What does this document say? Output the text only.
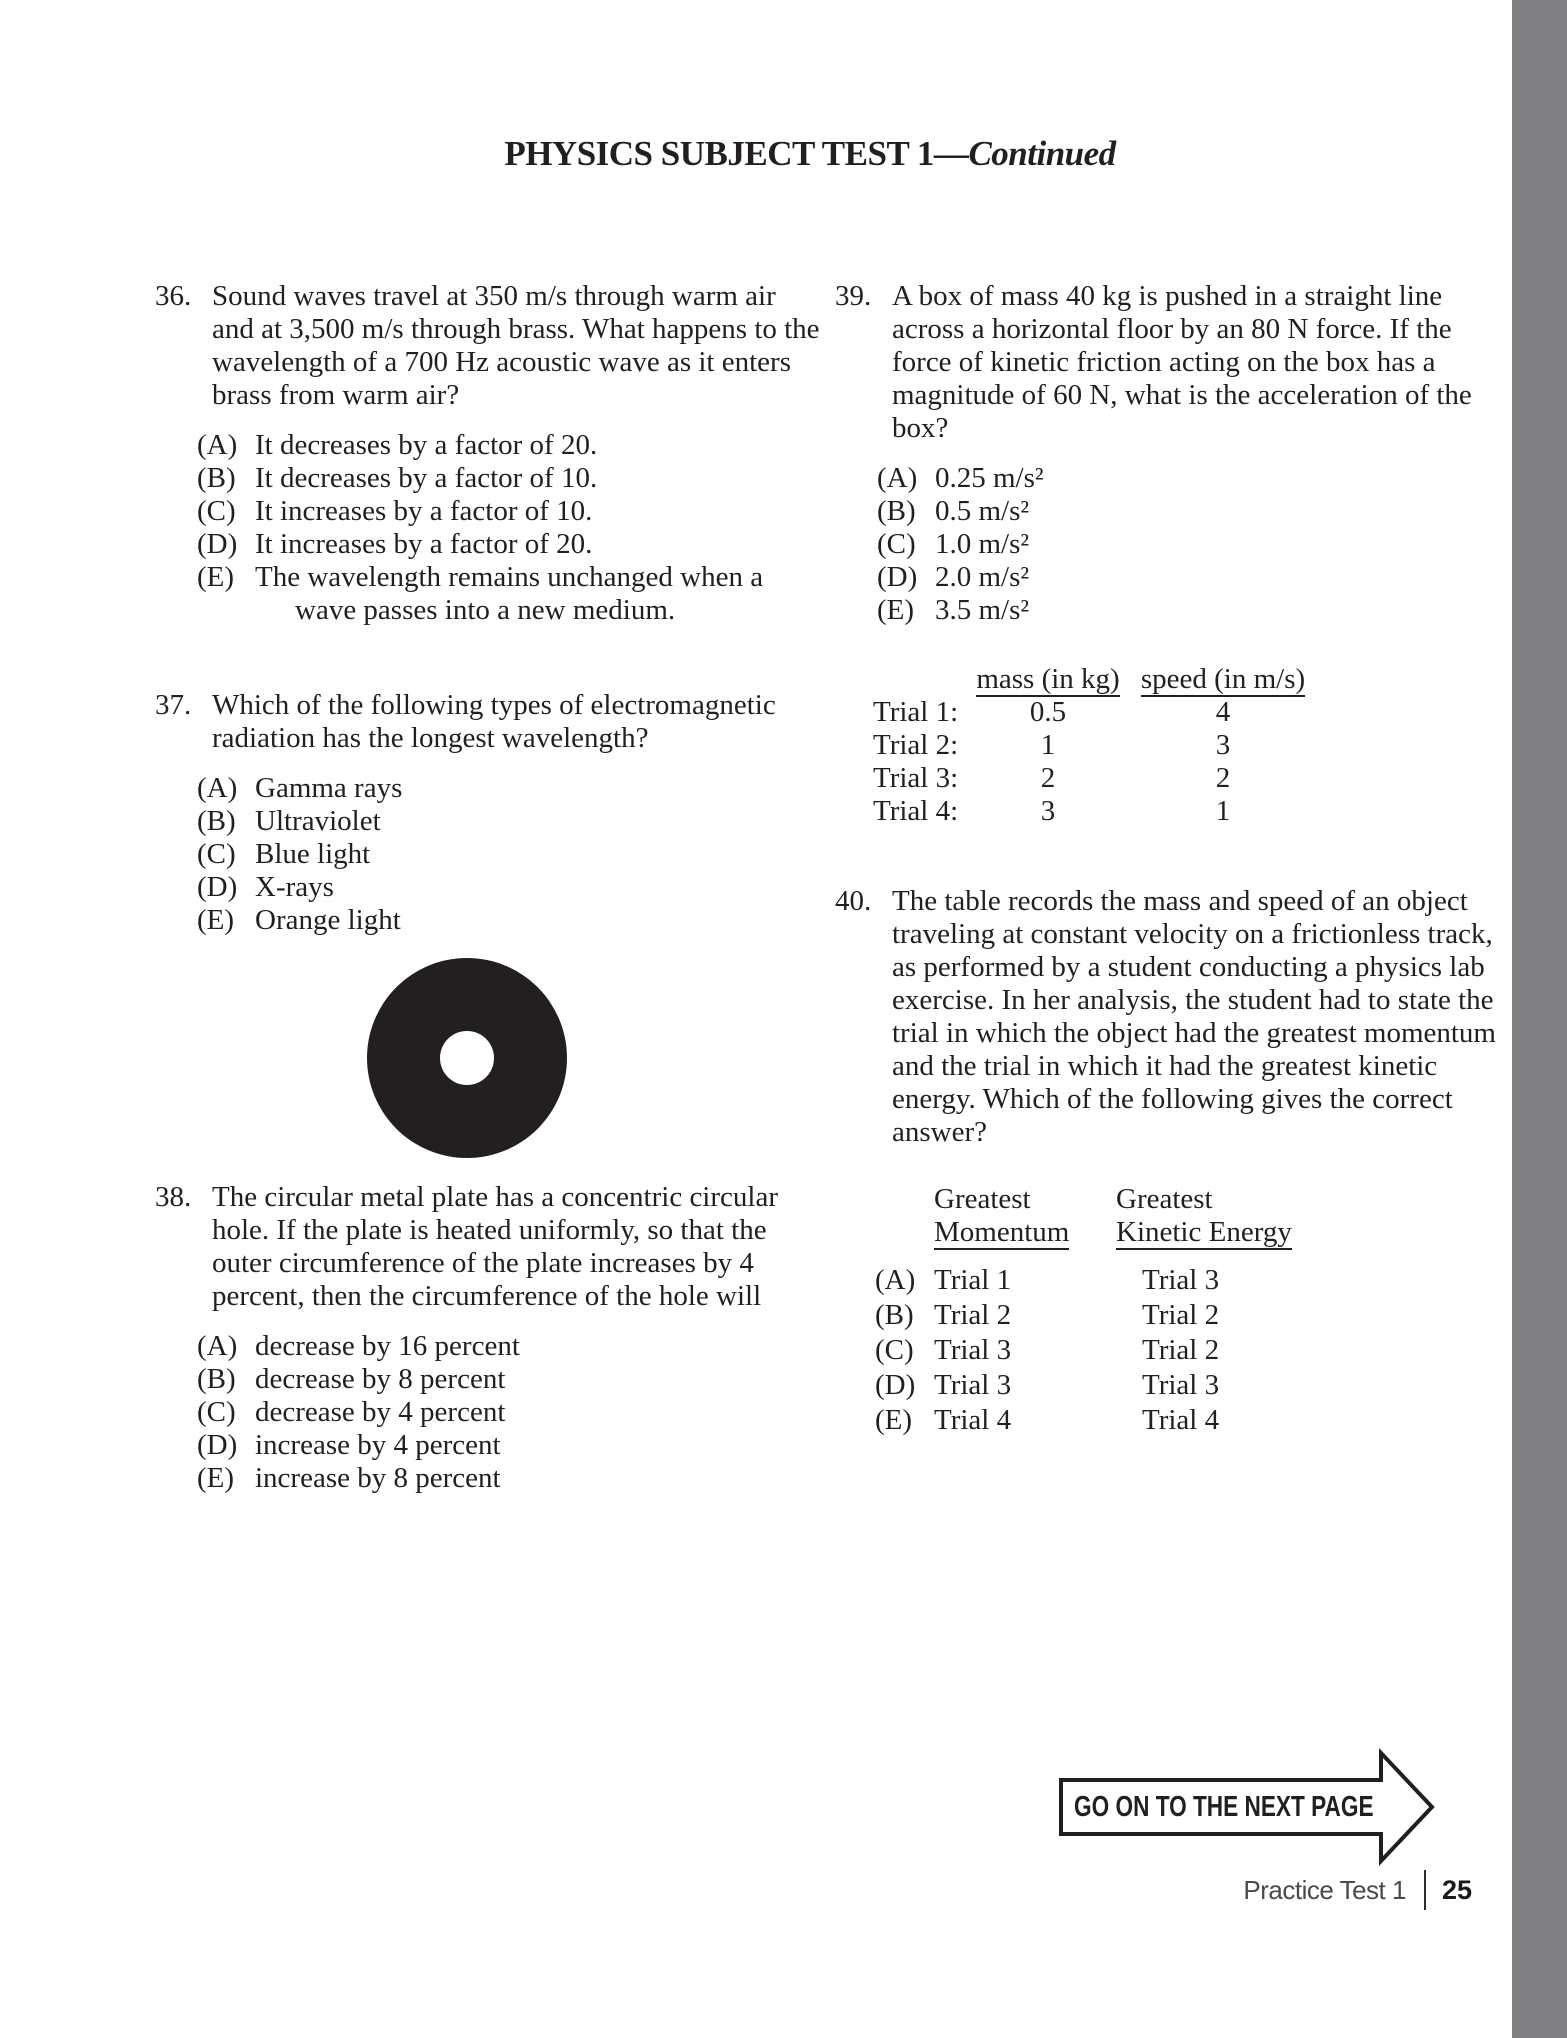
PHYSICS SUBJECT TEST 1—Continued
36. Sound waves travel at 350 m/s through warm air and at 3,500 m/s through brass. What happens to the wavelength of a 700 Hz acoustic wave as it enters brass from warm air?

(A) It decreases by a factor of 20.
(B) It decreases by a factor of 10.
(C) It increases by a factor of 10.
(D) It increases by a factor of 20.
(E) The wavelength remains unchanged when a wave passes into a new medium.
37. Which of the following types of electromagnetic radiation has the longest wavelength?

(A) Gamma rays
(B) Ultraviolet
(C) Blue light
(D) X-rays
(E) Orange light
38. The circular metal plate has a concentric circular hole. If the plate is heated uniformly, so that the outer circumference of the plate increases by 4 percent, then the circumference of the hole will

(A) decrease by 16 percent
(B) decrease by 8 percent
(C) decrease by 4 percent
(D) increase by 4 percent
(E) increase by 8 percent
39. A box of mass 40 kg is pushed in a straight line across a horizontal floor by an 80 N force. If the force of kinetic friction acting on the box has a magnitude of 60 N, what is the acceleration of the box?

(A) 0.25 m/s²
(B) 0.5 m/s²
(C) 1.0 m/s²
(D) 2.0 m/s²
(E) 3.5 m/s²
mass (in kg) speed (in m/s)
Trial 1:	0.5	4
Trial 2:	1	3
Trial 3:	2	2
Trial 4:	3	1
40. The table records the mass and speed of an object traveling at constant velocity on a frictionless track, as performed by a student conducting a physics lab exercise. In her analysis, the student had to state the trial in which the object had the greatest momentum and the trial in which it had the greatest kinetic energy. Which of the following gives the correct answer?

Greatest	Greatest
Momentum Kinetic Energy
(A) Trial 1	Trial 3
(B) Trial 2	Trial 2
(C) Trial 3	Trial 2
(D) Trial 3	Trial 3
(E) Trial 4	Trial 4
GO ON TO THE NEXT PAGE
Practice Test 1 25
